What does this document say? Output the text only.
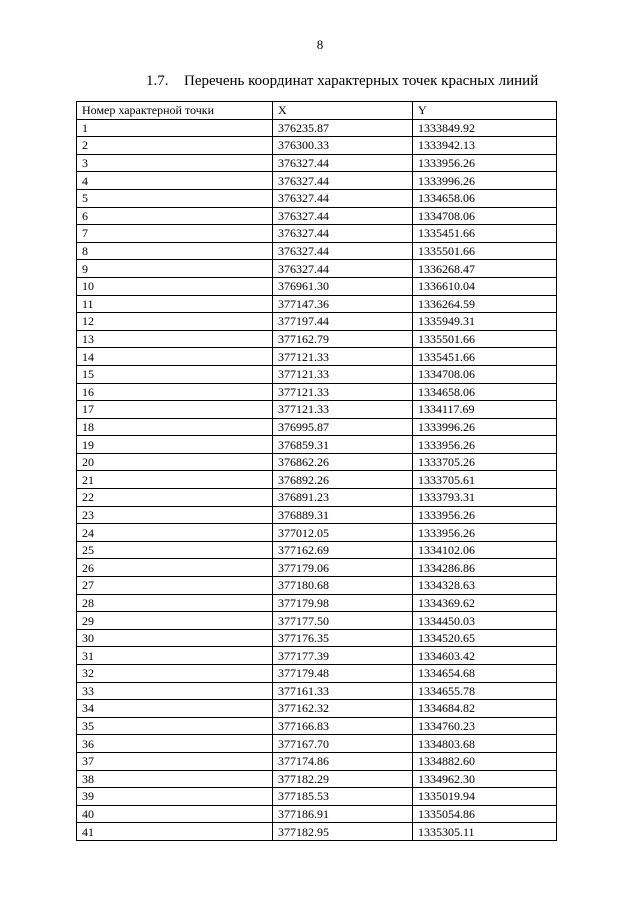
8
1.7. Перечень координат характерных точек красных линий
Номер характерной точки	X	Y
1	376235.87	1333849.92
2	376300.33	1333942.13
3	376327.44	1333956.26
4	376327.44	1333996.26
5	376327.44	1334658.06
6	376327.44	1334708.06
7	376327.44	1335451.66
8	376327.44	1335501.66
9	376327.44	1336268.47
10	376961.30	1336610.04
11	377147.36	1336264.59
12	377197.44	1335949.31
13	377162.79	1335501.66
14	377121.33	1335451.66
15	377121.33	1334708.06
16	377121.33	1334658.06
17	377121.33	1334117.69
18	376995.87	1333996.26
19	376859.31	1333956.26
20	376862.26	1333705.26
21	376892.26	1333705.61
22	376891.23	1333793.31
23	376889.31	1333956.26
24	377012.05	1333956.26
25	377162.69	1334102.06
26	377179.06	1334286.86
27	377180.68	1334328.63
28	377179.98	1334369.62
29	377177.50	1334450.03
30	377176.35	1334520.65
31	377177.39	1334603.42
32	377179.48	1334654.68
33	377161.33	1334655.78
34	377162.32	1334684.82
35	377166.83	1334760.23
36	377167.70	1334803.68
37	377174.86	1334882.60
38	377182.29	1334962.30
39	377185.53	1335019.94
40	377186.91	1335054.86
41	377182.95	1335305.11
